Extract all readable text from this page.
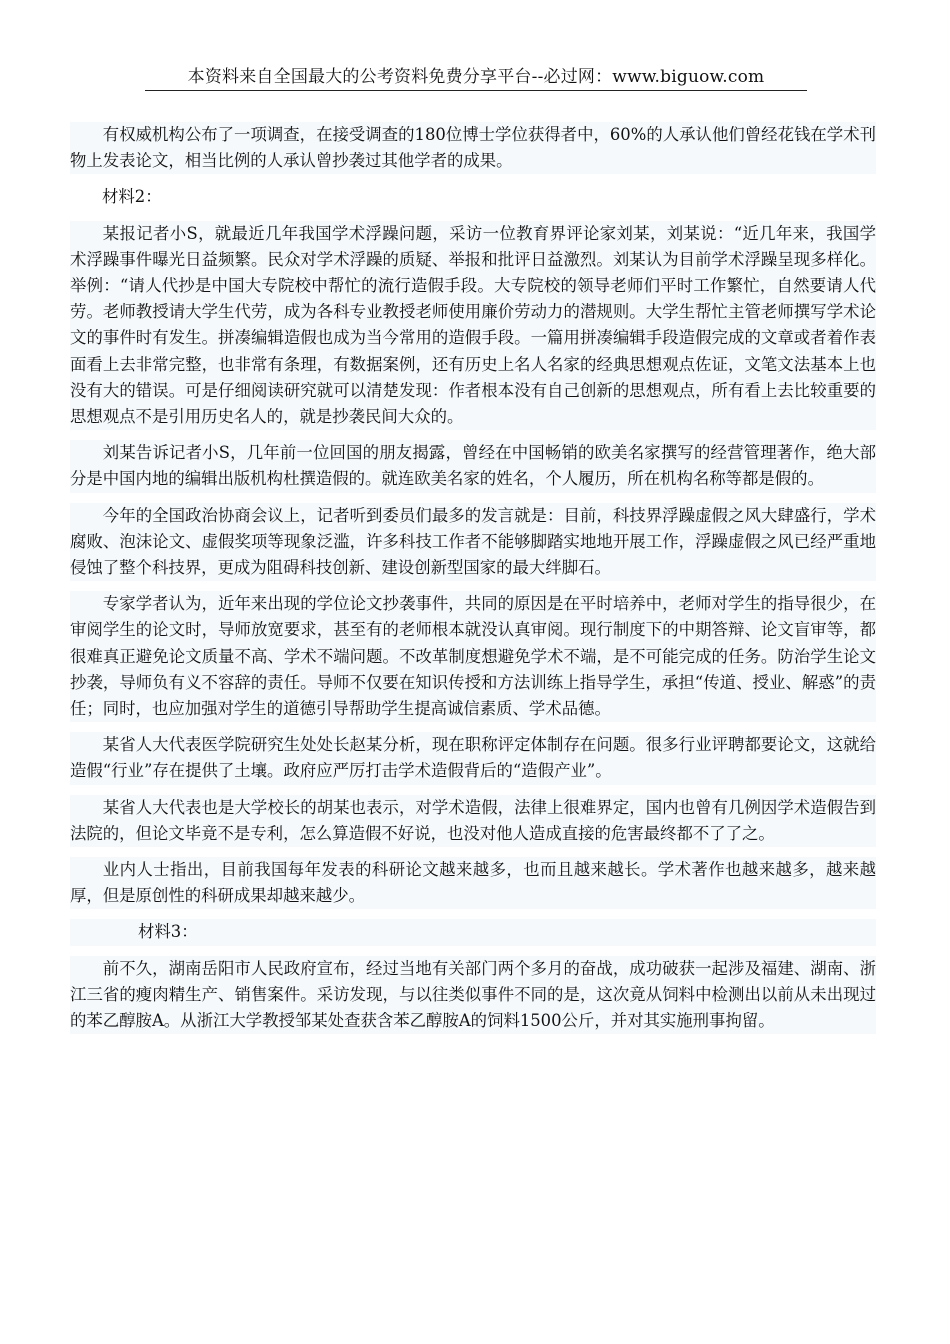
本资料来自全国最大的公考资料免费分享平台--必过网：www.biguow.com

有权威机构公布了一项调查，在接受调查的180位博士学位获得者中，60%的人承认他们曾经花钱在学术刊物上发表论文，相当比例的人承认曾抄袭过其他学者的成果。

材料2：

某报记者小S，就最近几年我国学术浮躁问题，采访一位教育界评论家刘某，刘某说：“近几年来，我国学术浮躁事件曝光日益频繁。民众对学术浮躁的质疑、举报和批评日益激烈。刘某认为目前学术浮躁呈现多样化。举例：“请人代抄是中国大专院校中帮忙的流行造假手段。大专院校的领导老师们平时工作繁忙，自然要请人代劳。老师教授请大学生代劳，成为各科专业教授老师使用廉价劳动力的潜规则。大学生帮忙主管老师撰写学术论文的事件时有发生。拼凑编辑造假也成为当今常用的造假手段。一篇用拼凑编辑手段造假完成的文章或者着作表面看上去非常完整，也非常有条理，有数据案例，还有历史上名人名家的经典思想观点佐证，文笔文法基本上也没有大的错误。可是仔细阅读研究就可以清楚发现：作者根本没有自己创新的思想观点，所有看上去比较重要的思想观点不是引用历史名人的，就是抄袭民间大众的。

刘某告诉记者小S，几年前一位回国的朋友揭露，曾经在中国畅销的欧美名家撰写的经营管理著作，绝大部分是中国内地的编辑出版机构杜撰造假的。就连欧美名家的姓名，个人履历，所在机构名称等都是假的。

今年的全国政治协商会议上，记者听到委员们最多的发言就是：目前，科技界浮躁虚假之风大肆盛行，学术腐败、泡沫论文、虚假奖项等现象泛滥，许多科技工作者不能够脚踏实地地开展工作，浮躁虚假之风已经严重地侵蚀了整个科技界，更成为阻碍科技创新、建设创新型国家的最大绊脚石。

专家学者认为，近年来出现的学位论文抄袭事件，共同的原因是在平时培养中，老师对学生的指导很少，在审阅学生的论文时，导师放宽要求，甚至有的老师根本就没认真审阅。现行制度下的中期答辩、论文盲审等，都很难真正避免论文质量不高、学术不端问题。不改革制度想避免学术不端，是不可能完成的任务。防治学生论文抄袭，导师负有义不容辞的责任。导师不仅要在知识传授和方法训练上指导学生，承担“传道、授业、解惑”的责任；同时，也应加强对学生的道德引导帮助学生提高诚信素质、学术品德。

某省人大代表医学院研究生处处长赵某分析，现在职称评定体制存在问题。很多行业评聘都要论文，这就给造假“行业”存在提供了土壤。政府应严厉打击学术造假背后的“造假产业”。

某省人大代表也是大学校长的胡某也表示，对学术造假，法律上很难界定，国内也曾有几例因学术造假告到法院的，但论文毕竟不是专利，怎么算造假不好说，也没对他人造成直接的危害最终都不了了之。

业内人士指出，目前我国每年发表的科研论文越来越多，也而且越来越长。学术著作也越来越多，越来越厚，但是原创性的科研成果却越来越少。

材料3：

前不久，湖南岳阳市人民政府宣布，经过当地有关部门两个多月的奋战，成功破获一起涉及福建、湖南、浙江三省的瘦肉精生产、销售案件。采访发现，与以往类似事件不同的是，这次竟从饲料中检测出以前从未出现过的苯乙醇胺A。从浙江大学教授邹某处查获含苯乙醇胺A的饲料1500公斤，并对其实施刑事拘留。
